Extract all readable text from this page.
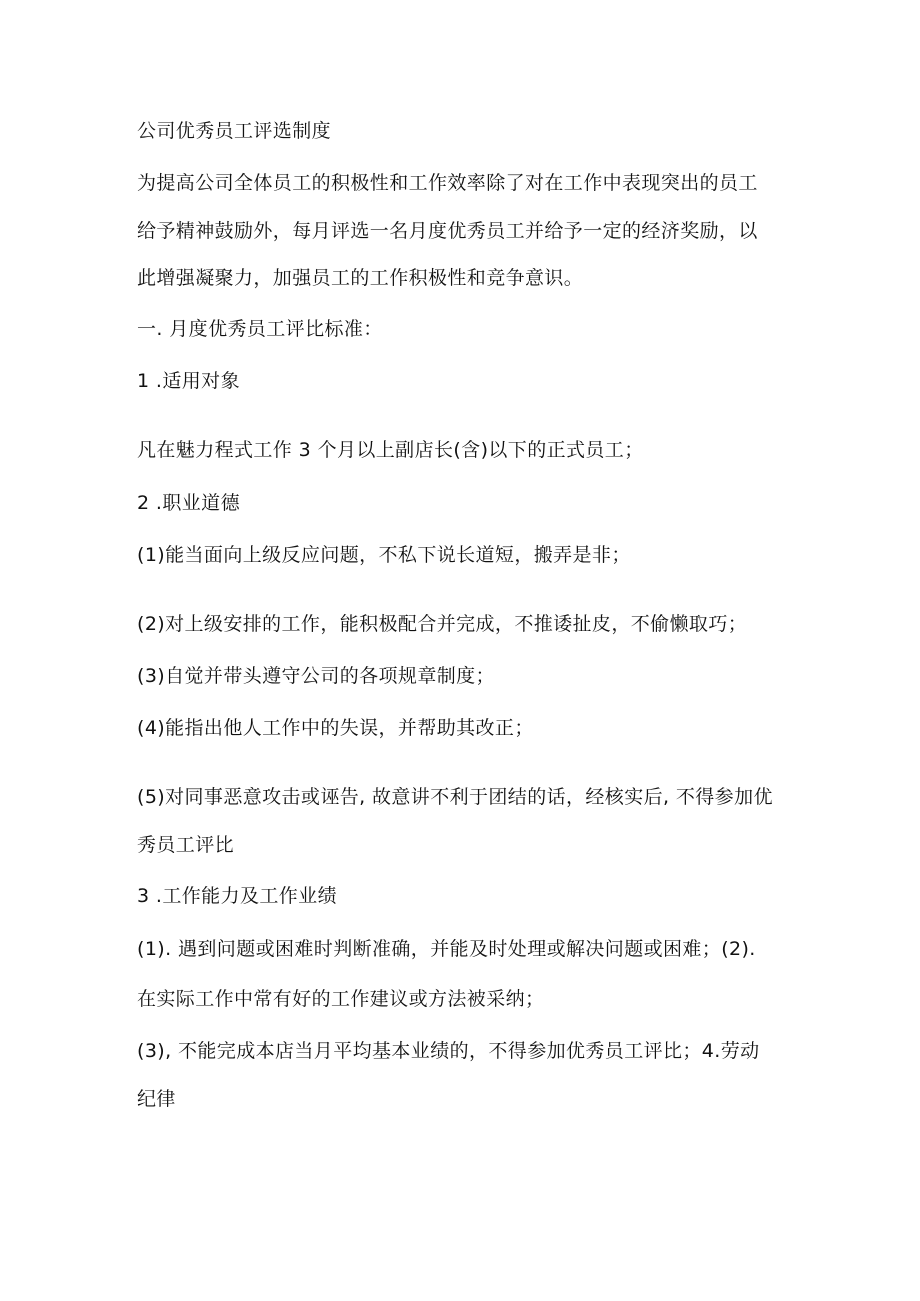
公司优秀员工评选制度
为提高公司全体员工的积极性和工作效率除了对在工作中表现突出的员工
给予精神鼓励外，每月评选一名月度优秀员工并给予一定的经济奖励，以
此增强凝聚力，加强员工的工作积极性和竞争意识。
一. 月度优秀员工评比标准：
1 .适用对象
凡在魅力程式工作 3 个月以上副店长(含)以下的正式员工；
2 .职业道德
(1)能当面向上级反应问题，不私下说长道短，搬弄是非；
(2)对上级安排的工作，能积极配合并完成，不推诿扯皮，不偷懒取巧；
(3)自觉并带头遵守公司的各项规章制度；
(4)能指出他人工作中的失误，并帮助其改正；
(5)对同事恶意攻击或诬告, 故意讲不利于团结的话，经核实后, 不得参加优
秀员工评比
3 .工作能力及工作业绩
(1). 遇到问题或困难时判断准确，并能及时处理或解决问题或困难；(2).
在实际工作中常有好的工作建议或方法被采纳；
(3), 不能完成本店当月平均基本业绩的，不得参加优秀员工评比；4.劳动
纪律
